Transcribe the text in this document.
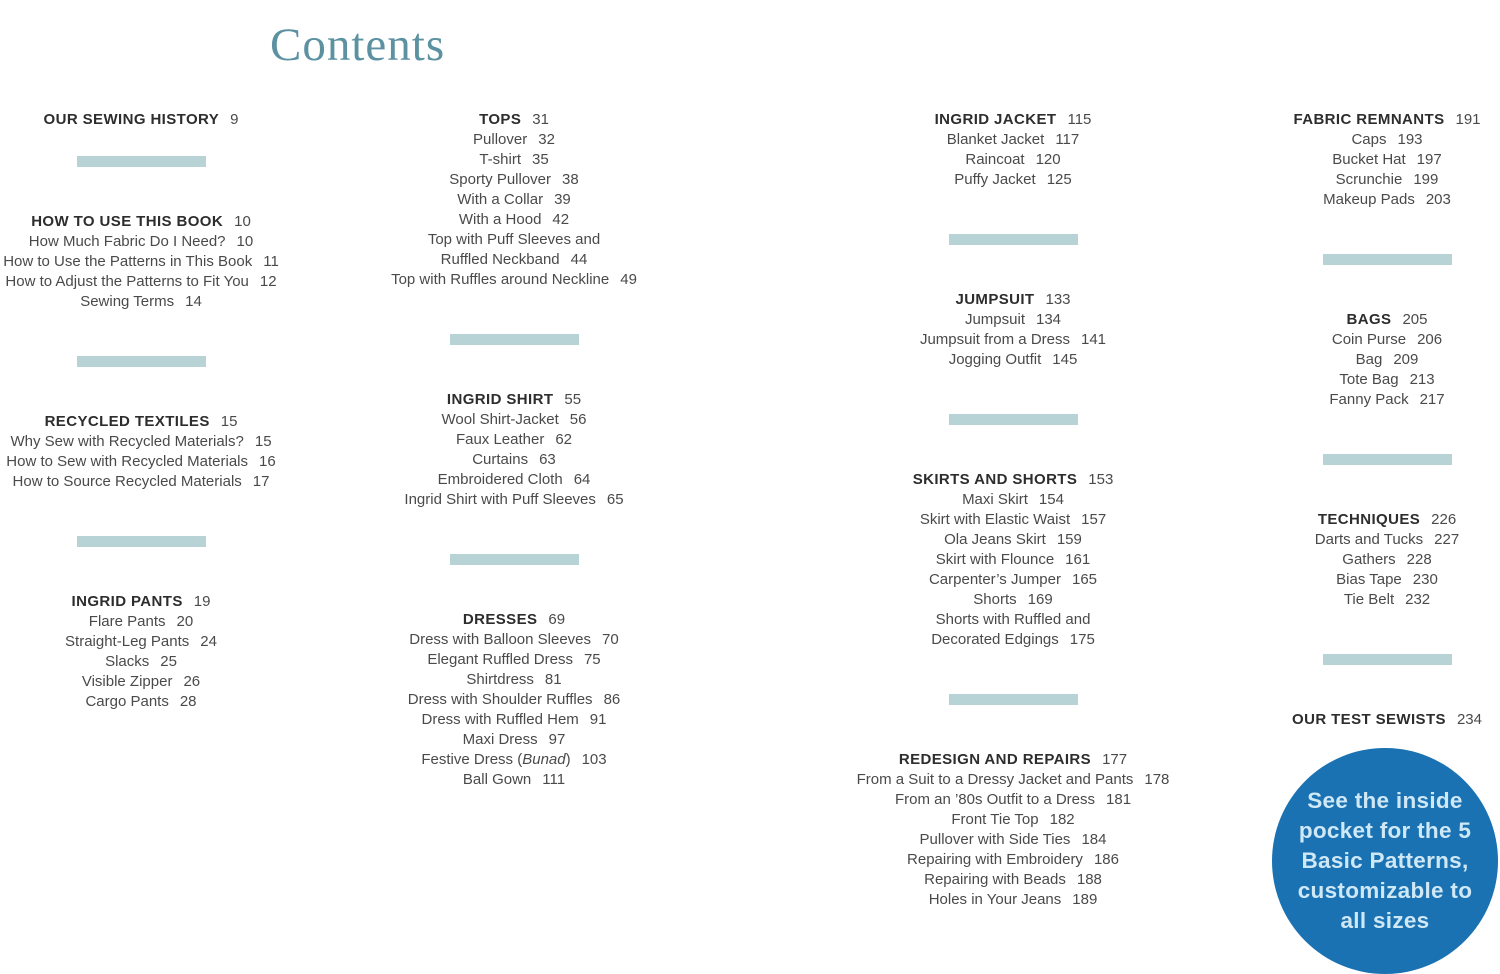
Contents
OUR SEWING HISTORY 9
HOW TO USE THIS BOOK 10
How Much Fabric Do I Need? 10
How to Use the Patterns in This Book 11
How to Adjust the Patterns to Fit You 12
Sewing Terms 14
RECYCLED TEXTILES 15
Why Sew with Recycled Materials? 15
How to Sew with Recycled Materials 16
How to Source Recycled Materials 17
INGRID PANTS 19
Flare Pants 20
Straight-Leg Pants 24
Slacks 25
Visible Zipper 26
Cargo Pants 28
TOPS 31
Pullover 32
T-shirt 35
Sporty Pullover 38
With a Collar 39
With a Hood 42
Top with Puff Sleeves and
Ruffled Neckband 44
Top with Ruffles around Neckline 49
INGRID SHIRT 55
Wool Shirt-Jacket 56
Faux Leather 62
Curtains 63
Embroidered Cloth 64
Ingrid Shirt with Puff Sleeves 65
DRESSES 69
Dress with Balloon Sleeves 70
Elegant Ruffled Dress 75
Shirtdress 81
Dress with Shoulder Ruffles 86
Dress with Ruffled Hem 91
Maxi Dress 97
Festive Dress (Bunad) 103
Ball Gown 111
INGRID JACKET 115
Blanket Jacket 117
Raincoat 120
Puffy Jacket 125
JUMPSUIT 133
Jumpsuit 134
Jumpsuit from a Dress 141
Jogging Outfit 145
SKIRTS AND SHORTS 153
Maxi Skirt 154
Skirt with Elastic Waist 157
Ola Jeans Skirt 159
Skirt with Flounce 161
Carpenter’s Jumper 165
Shorts 169
Shorts with Ruffled and
Decorated Edgings 175
REDESIGN AND REPAIRS 177
From a Suit to a Dressy Jacket and Pants 178
From an ’80s Outfit to a Dress 181
Front Tie Top 182
Pullover with Side Ties 184
Repairing with Embroidery 186
Repairing with Beads 188
Holes in Your Jeans 189
FABRIC REMNANTS 191
Caps 193
Bucket Hat 197
Scrunchie 199
Makeup Pads 203
BAGS 205
Coin Purse 206
Bag 209
Tote Bag 213
Fanny Pack 217
TECHNIQUES 226
Darts and Tucks 227
Gathers 228
Bias Tape 230
Tie Belt 232
OUR TEST SEWISTS 234
See the inside
pocket for the 5
Basic Patterns,
customizable to
all sizes
